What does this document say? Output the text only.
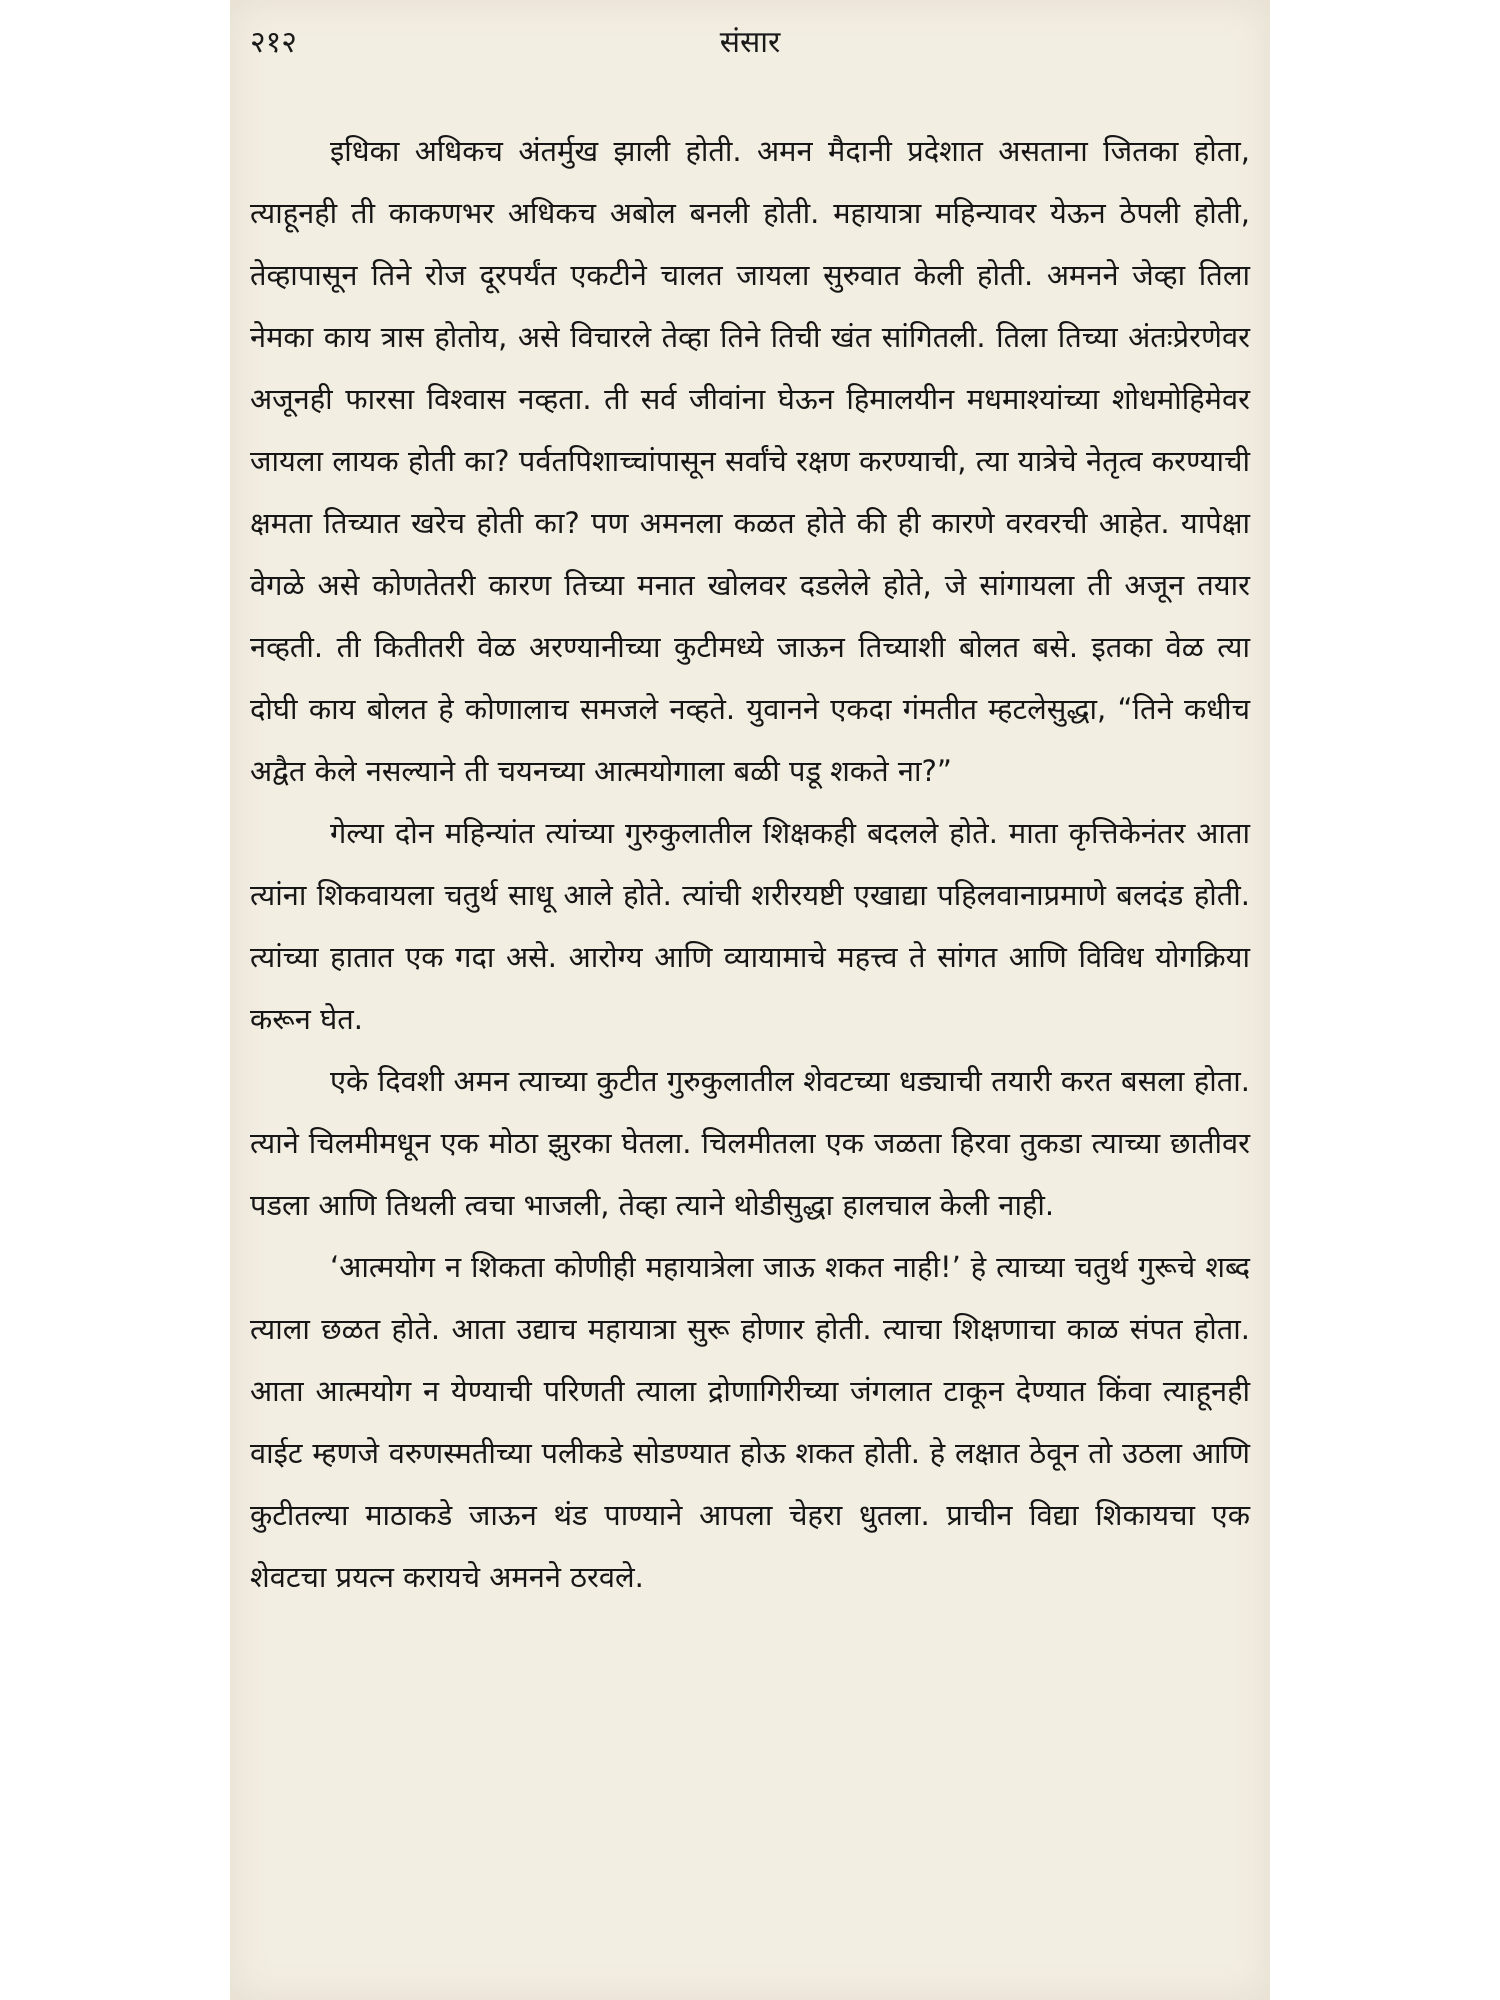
२१२	संसार

इधिका अधिकच अंतर्मुख झाली होती. अमन मैदानी प्रदेशात असताना जितका होता, त्याहूनही ती काकणभर अधिकच अबोल बनली होती. महायात्रा महिन्यावर येऊन ठेपली होती, तेव्हापासून तिने रोज दूरपर्यंत एकटीने चालत जायला सुरुवात केली होती. अमनने जेव्हा तिला नेमका काय त्रास होतोय, असे विचारले तेव्हा तिने तिची खंत सांगितली. तिला तिच्या अंतःप्रेरणेवर अजूनही फारसा विश्वास नव्हता. ती सर्व जीवांना घेऊन हिमालयीन मधमाश्यांच्या शोधमोहिमेवर जायला लायक होती का? पर्वतपिशाच्चांपासून सर्वांचे रक्षण करण्याची, त्या यात्रेचे नेतृत्व करण्याची क्षमता तिच्यात खरेच होती का? पण अमनला कळत होते की ही कारणे वरवरची आहेत. यापेक्षा वेगळे असे कोणतेतरी कारण तिच्या मनात खोलवर दडलेले होते, जे सांगायला ती अजून तयार नव्हती. ती कितीतरी वेळ अरण्यानीच्या कुटीमध्ये जाऊन तिच्याशी बोलत बसे. इतका वेळ त्या दोघी काय बोलत हे कोणालाच समजले नव्हते. युवानने एकदा गंमतीत म्हटलेसुद्धा, “तिने कधीच अद्वैत केले नसल्याने ती चयनच्या आत्मयोगाला बळी पडू शकते ना?”

गेल्या दोन महिन्यांत त्यांच्या गुरुकुलातील शिक्षकही बदलले होते. माता कृत्तिकेनंतर आता त्यांना शिकवायला चतुर्थ साधू आले होते. त्यांची शरीरयष्टी एखाद्या पहिलवानाप्रमाणे बलदंड होती. त्यांच्या हातात एक गदा असे. आरोग्य आणि व्यायामाचे महत्त्व ते सांगत आणि विविध योगक्रिया करून घेत.

एके दिवशी अमन त्याच्या कुटीत गुरुकुलातील शेवटच्या धड्याची तयारी करत बसला होता. त्याने चिलमीमधून एक मोठा झुरका घेतला. चिलमीतला एक जळता हिरवा तुकडा त्याच्या छातीवर पडला आणि तिथली त्वचा भाजली, तेव्हा त्याने थोडीसुद्धा हालचाल केली नाही.

‘आत्मयोग न शिकता कोणीही महायात्रेला जाऊ शकत नाही!’ हे त्याच्या चतुर्थ गुरूचे शब्द त्याला छळत होते. आता उद्याच महायात्रा सुरू होणार होती. त्याचा शिक्षणाचा काळ संपत होता. आता आत्मयोग न येण्याची परिणती त्याला द्रोणागिरीच्या जंगलात टाकून देण्यात किंवा त्याहूनही वाईट म्हणजे वरुणस्मतीच्या पलीकडे सोडण्यात होऊ शकत होती. हे लक्षात ठेवून तो उठला आणि कुटीतल्या माठाकडे जाऊन थंड पाण्याने आपला चेहरा धुतला. प्राचीन विद्या शिकायचा एक शेवटचा प्रयत्न करायचे अमनने ठरवले.
